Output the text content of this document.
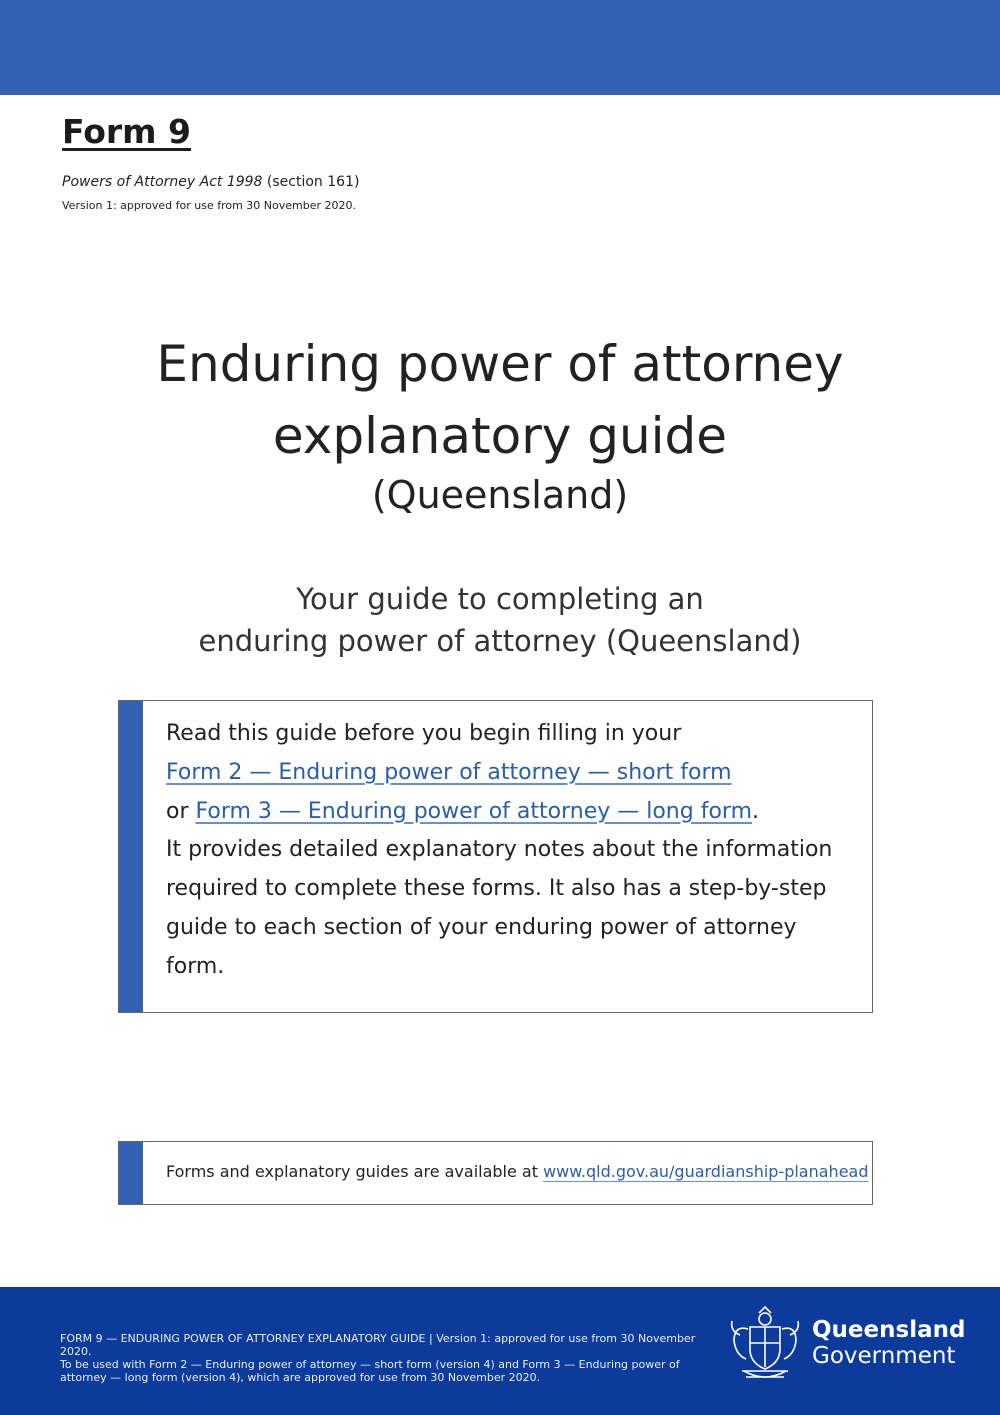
Form 9
Powers of Attorney Act 1998 (section 161)
Version 1: approved for use from 30 November 2020.
Enduring power of attorney
explanatory guide
(Queensland)
Your guide to completing an
enduring power of attorney (Queensland)
Read this guide before you begin filling in your
Form 2 — Enduring power of attorney — short form
or Form 3 — Enduring power of attorney — long form.
It provides detailed explanatory notes about the information required to complete these forms. It also has a step-by-step guide to each section of your enduring power of attorney form.
Forms and explanatory guides are available at www.qld.gov.au/guardianship-planahead
FORM 9 — ENDURING POWER OF ATTORNEY EXPLANATORY GUIDE | Version 1: approved for use from 30 November 2020.
To be used with Form 2 — Enduring power of attorney — short form (version 4) and Form 3 — Enduring power of
attorney — long form (version 4), which are approved for use from 30 November 2020.
Queensland
Government
